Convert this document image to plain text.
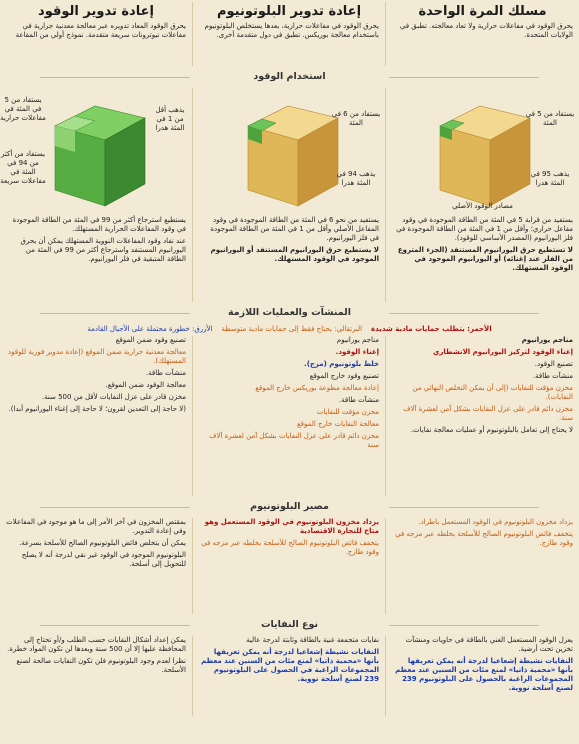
مسلك المرة الواحدة
إعادة تدوير البلوتونيوم
إعادة تدوير الوقود
يحرق الوقود في مفاعلات حرارية ولا تعاد معالجته. تطبق في الولايات المتحدة.
يحرق الوقود في مفاعلات حرارية، بعدها يستخلص البلوتونيوم باستخدام معالجة بوريكس. تطبق في دول متقدمة أخرى.
يحرق الوقود المعاد تدويره عبر معالجة معدنية جرارية في مفاعلات نيوترونات سريعة متقدمة. نموذج أولي من المقاعة
استخدام الوقود
يستفاد من 5 في المئة
يذهب 95 في المئة هدرا
مصادر الوقود الأصلي
يستفاد من 6 في المئة
يذهب 94 في المئة هدرا
يستفاد من 5 في المئة في مفاعلات حرارية
يذهب أقل من 1 في المئة هدرا
يستفاد من أكثر من 94 في المئة في مفاعلات سريعة
يستفيد من قرابة 5 في المئة من الطاقة الموجودة في وقود مفاعل حراري؛ وأقل من 1 في المئة من الطاقة الموجودة في فلز اليورانيوم (المصدر الأساسي للوقود).
لا تستطيع حرق اليورانيوم المستنفد (الجزء المتروع من الفلز عند إغنائه) أو اليورانيوم الموجود في الوقود المستهلك.
يستفيد من نحو 6 في المئة من الطاقة الموجودة في وقود المفاعل الأصلي وأقل من 1 في المئة من الطاقة الموجودة في فلز اليورانيوم.
لا يستطيع حرق اليورانيوم المستنفد أو اليورانيوم الموجود في الوقود المستهلك.
يستطيع استرجاع أكثر من 99 في المئة من الطاقة الموجودة في وقود المفاعلات الحرارية المستهلك.
عند نفاد وقود المفاعلات النووية المستهلك يمكن أن يحرق اليورانيوم المستنفد واسترجاع أكثر من 99 في المئة من الطاقة المتبقية في فلز اليورانيوم.
المنشآت والعمليات اللازمة
الأحمر: يتطلب حمايات مادية شديدة    البرتقالي: يحتاج فقط إلى حمايات مادية متوسطة    الأزرق: خطورة محتملة على الأجيال القادمة
مناجم يورانيوم
إغناء الوقود لتركيز اليورانيوم الانشطاري
تصنيع الوقود.
منشآت طاقة.
مخزن مؤقت للنفايات (إلى أن يمكن التخلص النهائي من النفايات).
مخزن دائم قادر على عزل النفايات بشكل آمن لعشرة آلاف سنة.
لا يحتاج إلى تعامل بالبلوتونيوم أو عمليات معالجة نفايات.
مناجم يورانيوم
إغناء الوقود.
خلط بلوتونيوم (مزج).
تصنيع وقود خارج الموقع
إعادة معالجة مطوعة بوريكس خارج الموقع
منشآت طاقة.
مخزن مؤقت للنفايات
معالجة النفايات خارج الموقع
مخزن دائم قادر على عزل النفايات بشكل آمن لعشرة آلاف سنة
تصنيع وقود ضمن الموقع
معالجة معدنية حرارية ضمن الموقع (إعادة مدوير فورية للوقود المستهلك).
منشآت طاقة.
معالجة الوقود ضمن الموقع.
مخزن قادر على عزل النفايات لأقل من 500 سنة.
(لا حاجة إلى التعدين لقرون؛ لا حاجة إلى إغناء اليورانيوم أبدا).
مصير البلوتونيوم
يزداد مخزون البلوتونيوم في الوقود المستعمل باطراد.
يتخفف فائض البلوتونيوم الصالح للأسلحة بخلطه عبر مزجه في وقود طازج.
يزداد مخزون البلوتونيوم في الوقود المستعمل وهو متاح للتجارة الاقتصادية
يتخفف فائض البلوتونيوم الصالح للأسلحة بخلطه عبر مزجه في وقود طازج.
بمقتص المخزون في آخر الأمر إلى ما هو موجود في المفاعلات وفي إعادة التدوير.
يمكن أن يتخلص فائض البلوتونيوم الصالح للأسلحة بسرعة.
البلوتونيوم الموجود في الوقود غير نقي لدرجة أنه لا يصلح للتحويل إلى أسلحة.
نوع النفايات
يعزل الوقود المستعمل الغني بالطاقة في حاويات ومنشآت تخزين تحت أرضية.
النفايات نشيطة إشعاعيا لدرجة أنه يمكن تعريفها بأنها «محمية ذاتيا» لمنع مئات من السنين عند معظم المجموعات الراغبة بالحصول على البلوتونيوم 239 لصنع أسلحة نووية.
نفايات متجمعة غنية بالطاقة وثابتة لدرجة عالية
النفايات نشيطة إشعاعيا لدرجة أنه يمكن تعريفها بأنها «محمية ذاتيا» لمنع مئات من السنين عند معظم المجموعات الراغبة في الحصول على البلوتونيوم 239 لصنع أسلحة نووية.
يمكن إعداد أشكال النفايات حسب الطلب و/أو تحتاج إلى المحافظة عليها إلا أن 500 سنة وبعدها لن تكون المواد خطرة.
نظرا لعدم وجود البلوتونيوم فلن تكون النفايات صالحة لصنع الأسلحة.
